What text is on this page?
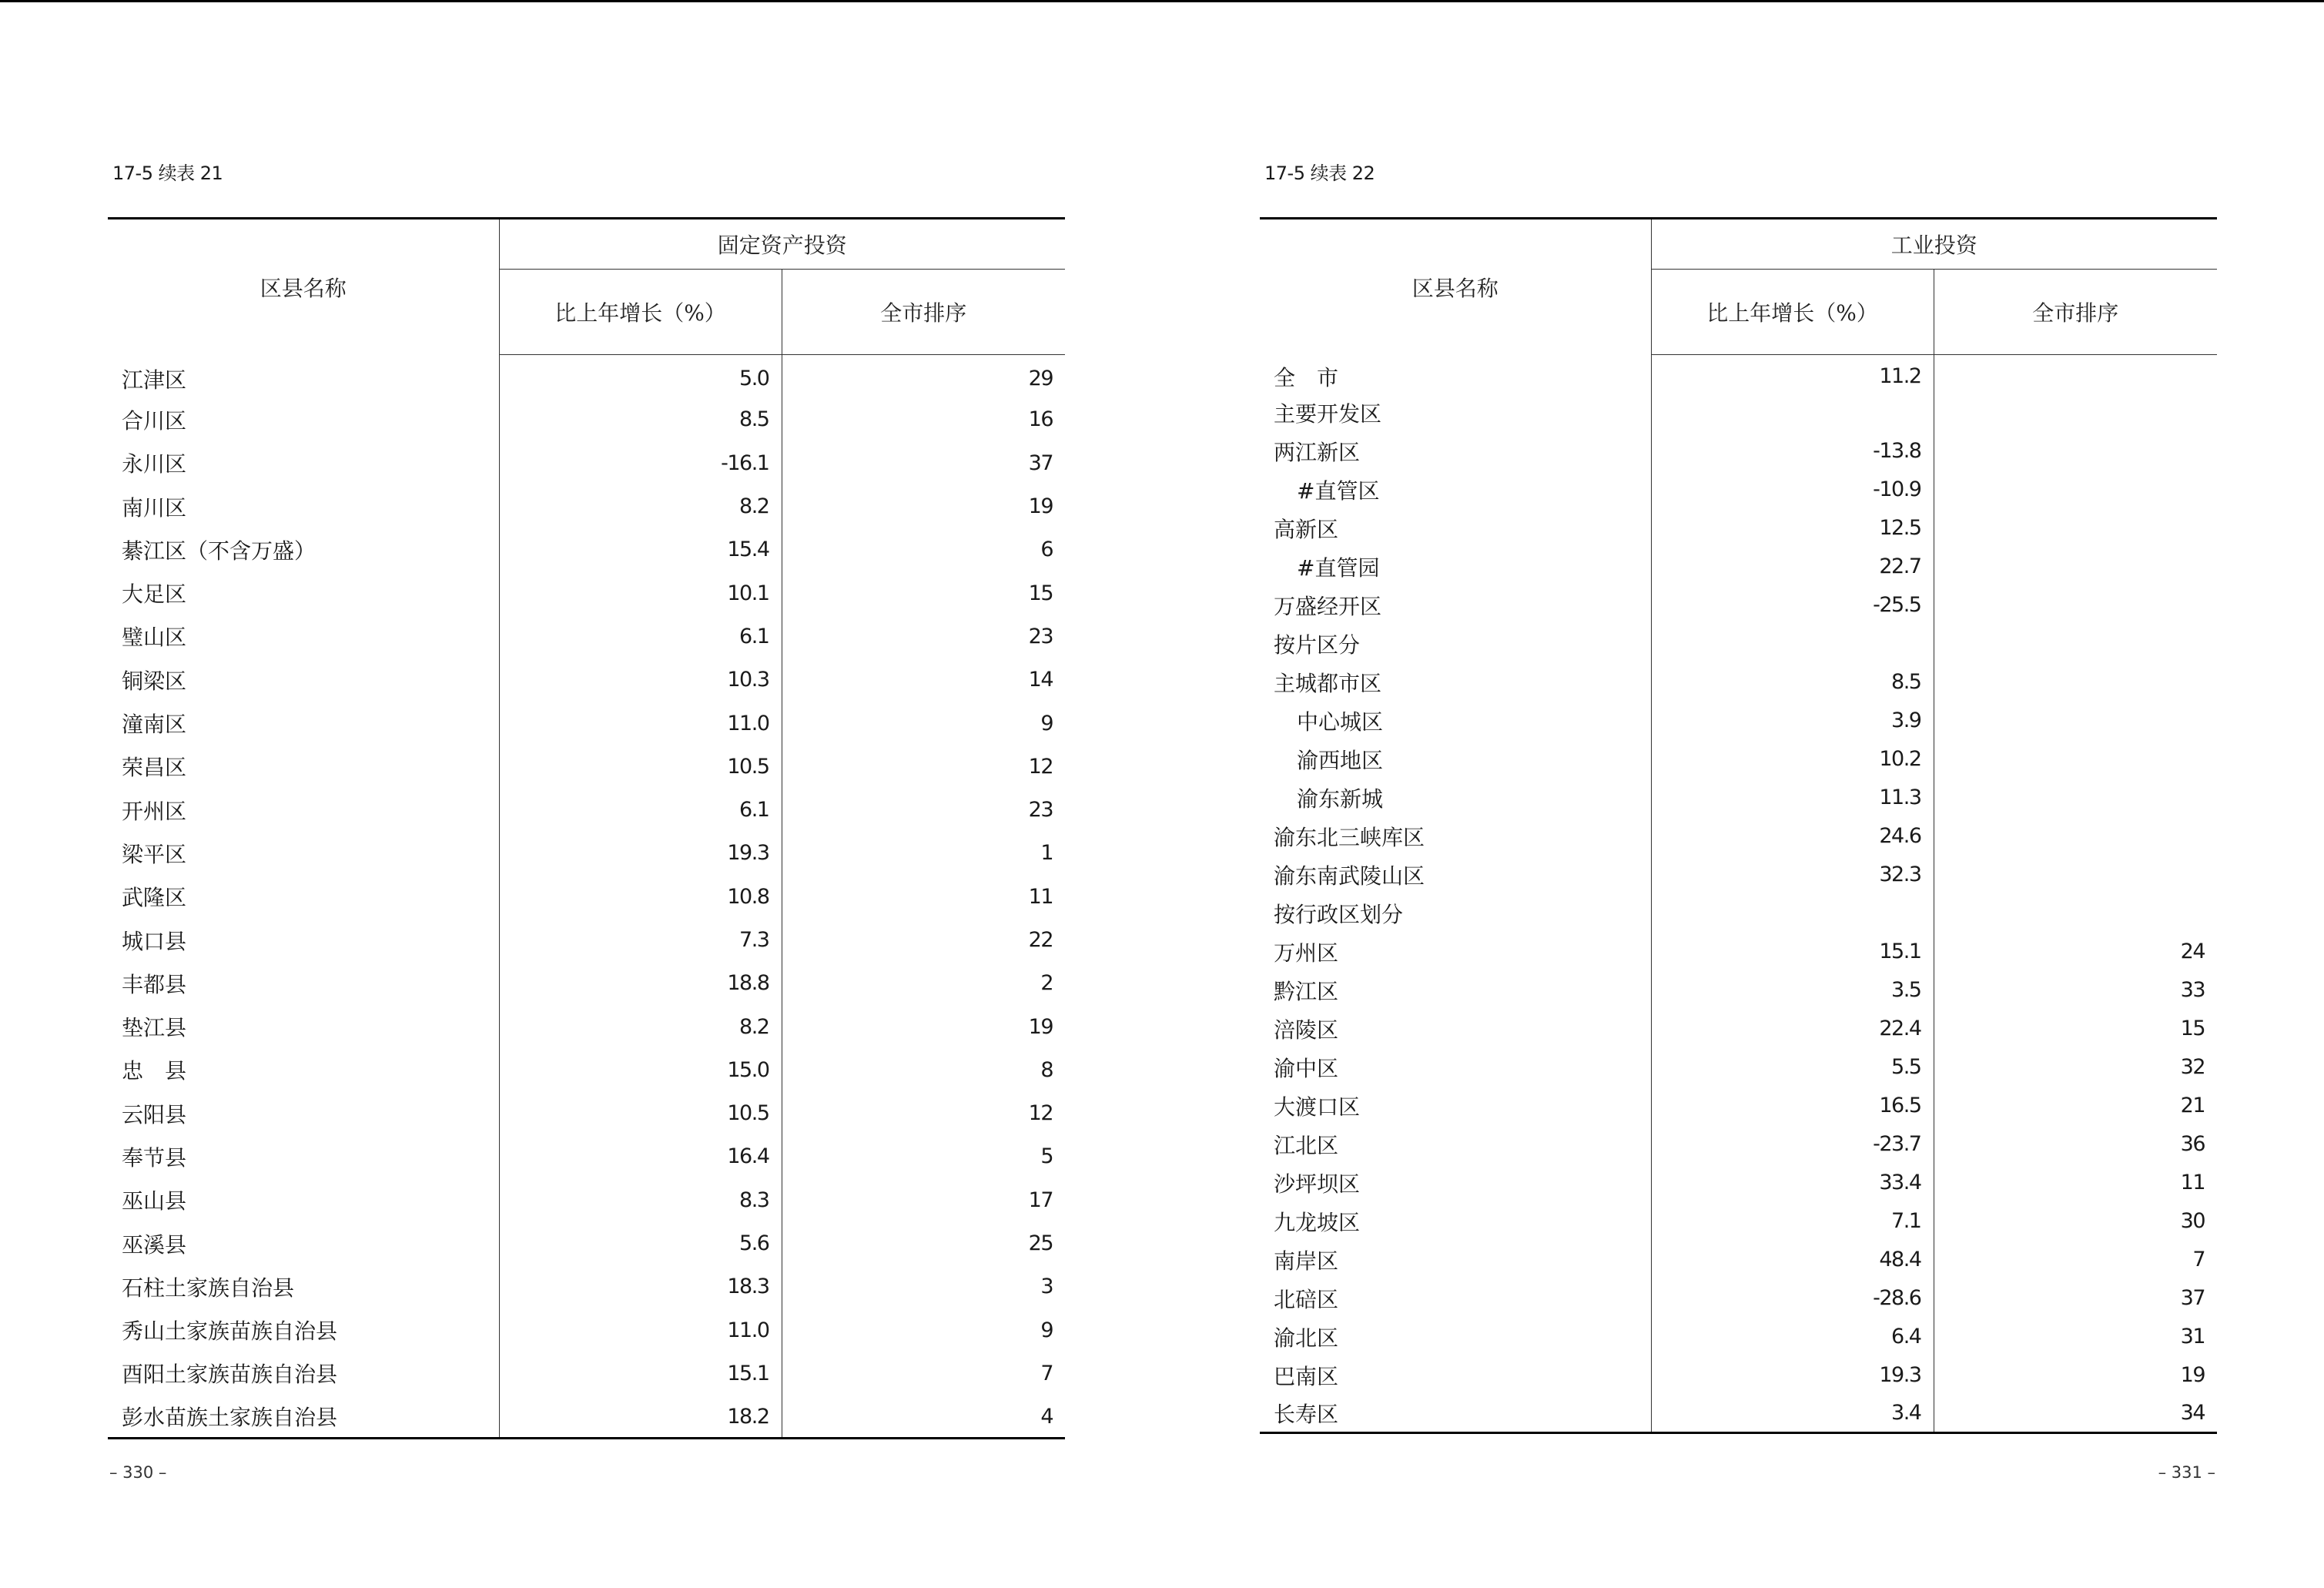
17-5 续表 21
区县名称	固定资产投资	
	比上年增长（%）	全市排序
江津区	5.0	29
合川区	8.5	16
永川区	-16.1	37
南川区	8.2	19
綦江区（不含万盛）	15.4	6
大足区	10.1	15
璧山区	6.1	23
铜梁区	10.3	14
潼南区	11.0	9
荣昌区	10.5	12
开州区	6.1	23
梁平区	19.3	1
武隆区	10.8	11
城口县	7.3	22
丰都县	18.8	2
垫江县	8.2	19
忠　县	15.0	8
云阳县	10.5	12
奉节县	16.4	5
巫山县	8.3	17
巫溪县	5.6	25
石柱土家族自治县	18.3	3
秀山土家族苗族自治县	11.0	9
酉阳土家族苗族自治县	15.1	7
彭水苗族土家族自治县	18.2	4
– 330 –
17-5 续表 22
区县名称	工业投资	
	比上年增长（%）	全市排序
全　市	11.2	
主要开发区		
两江新区	-13.8	
#直管区	-10.9	
高新区	12.5	
#直管园	22.7	
万盛经开区	-25.5	
按片区分		
主城都市区	8.5	
中心城区	3.9	
渝西地区	10.2	
渝东新城	11.3	
渝东北三峡库区	24.6	
渝东南武陵山区	32.3	
按行政区划分		
万州区	15.1	24
黔江区	3.5	33
涪陵区	22.4	15
渝中区	5.5	32
大渡口区	16.5	21
江北区	-23.7	36
沙坪坝区	33.4	11
九龙坡区	7.1	30
南岸区	48.4	7
北碚区	-28.6	37
渝北区	6.4	31
巴南区	19.3	19
长寿区	3.4	34
– 331 –
